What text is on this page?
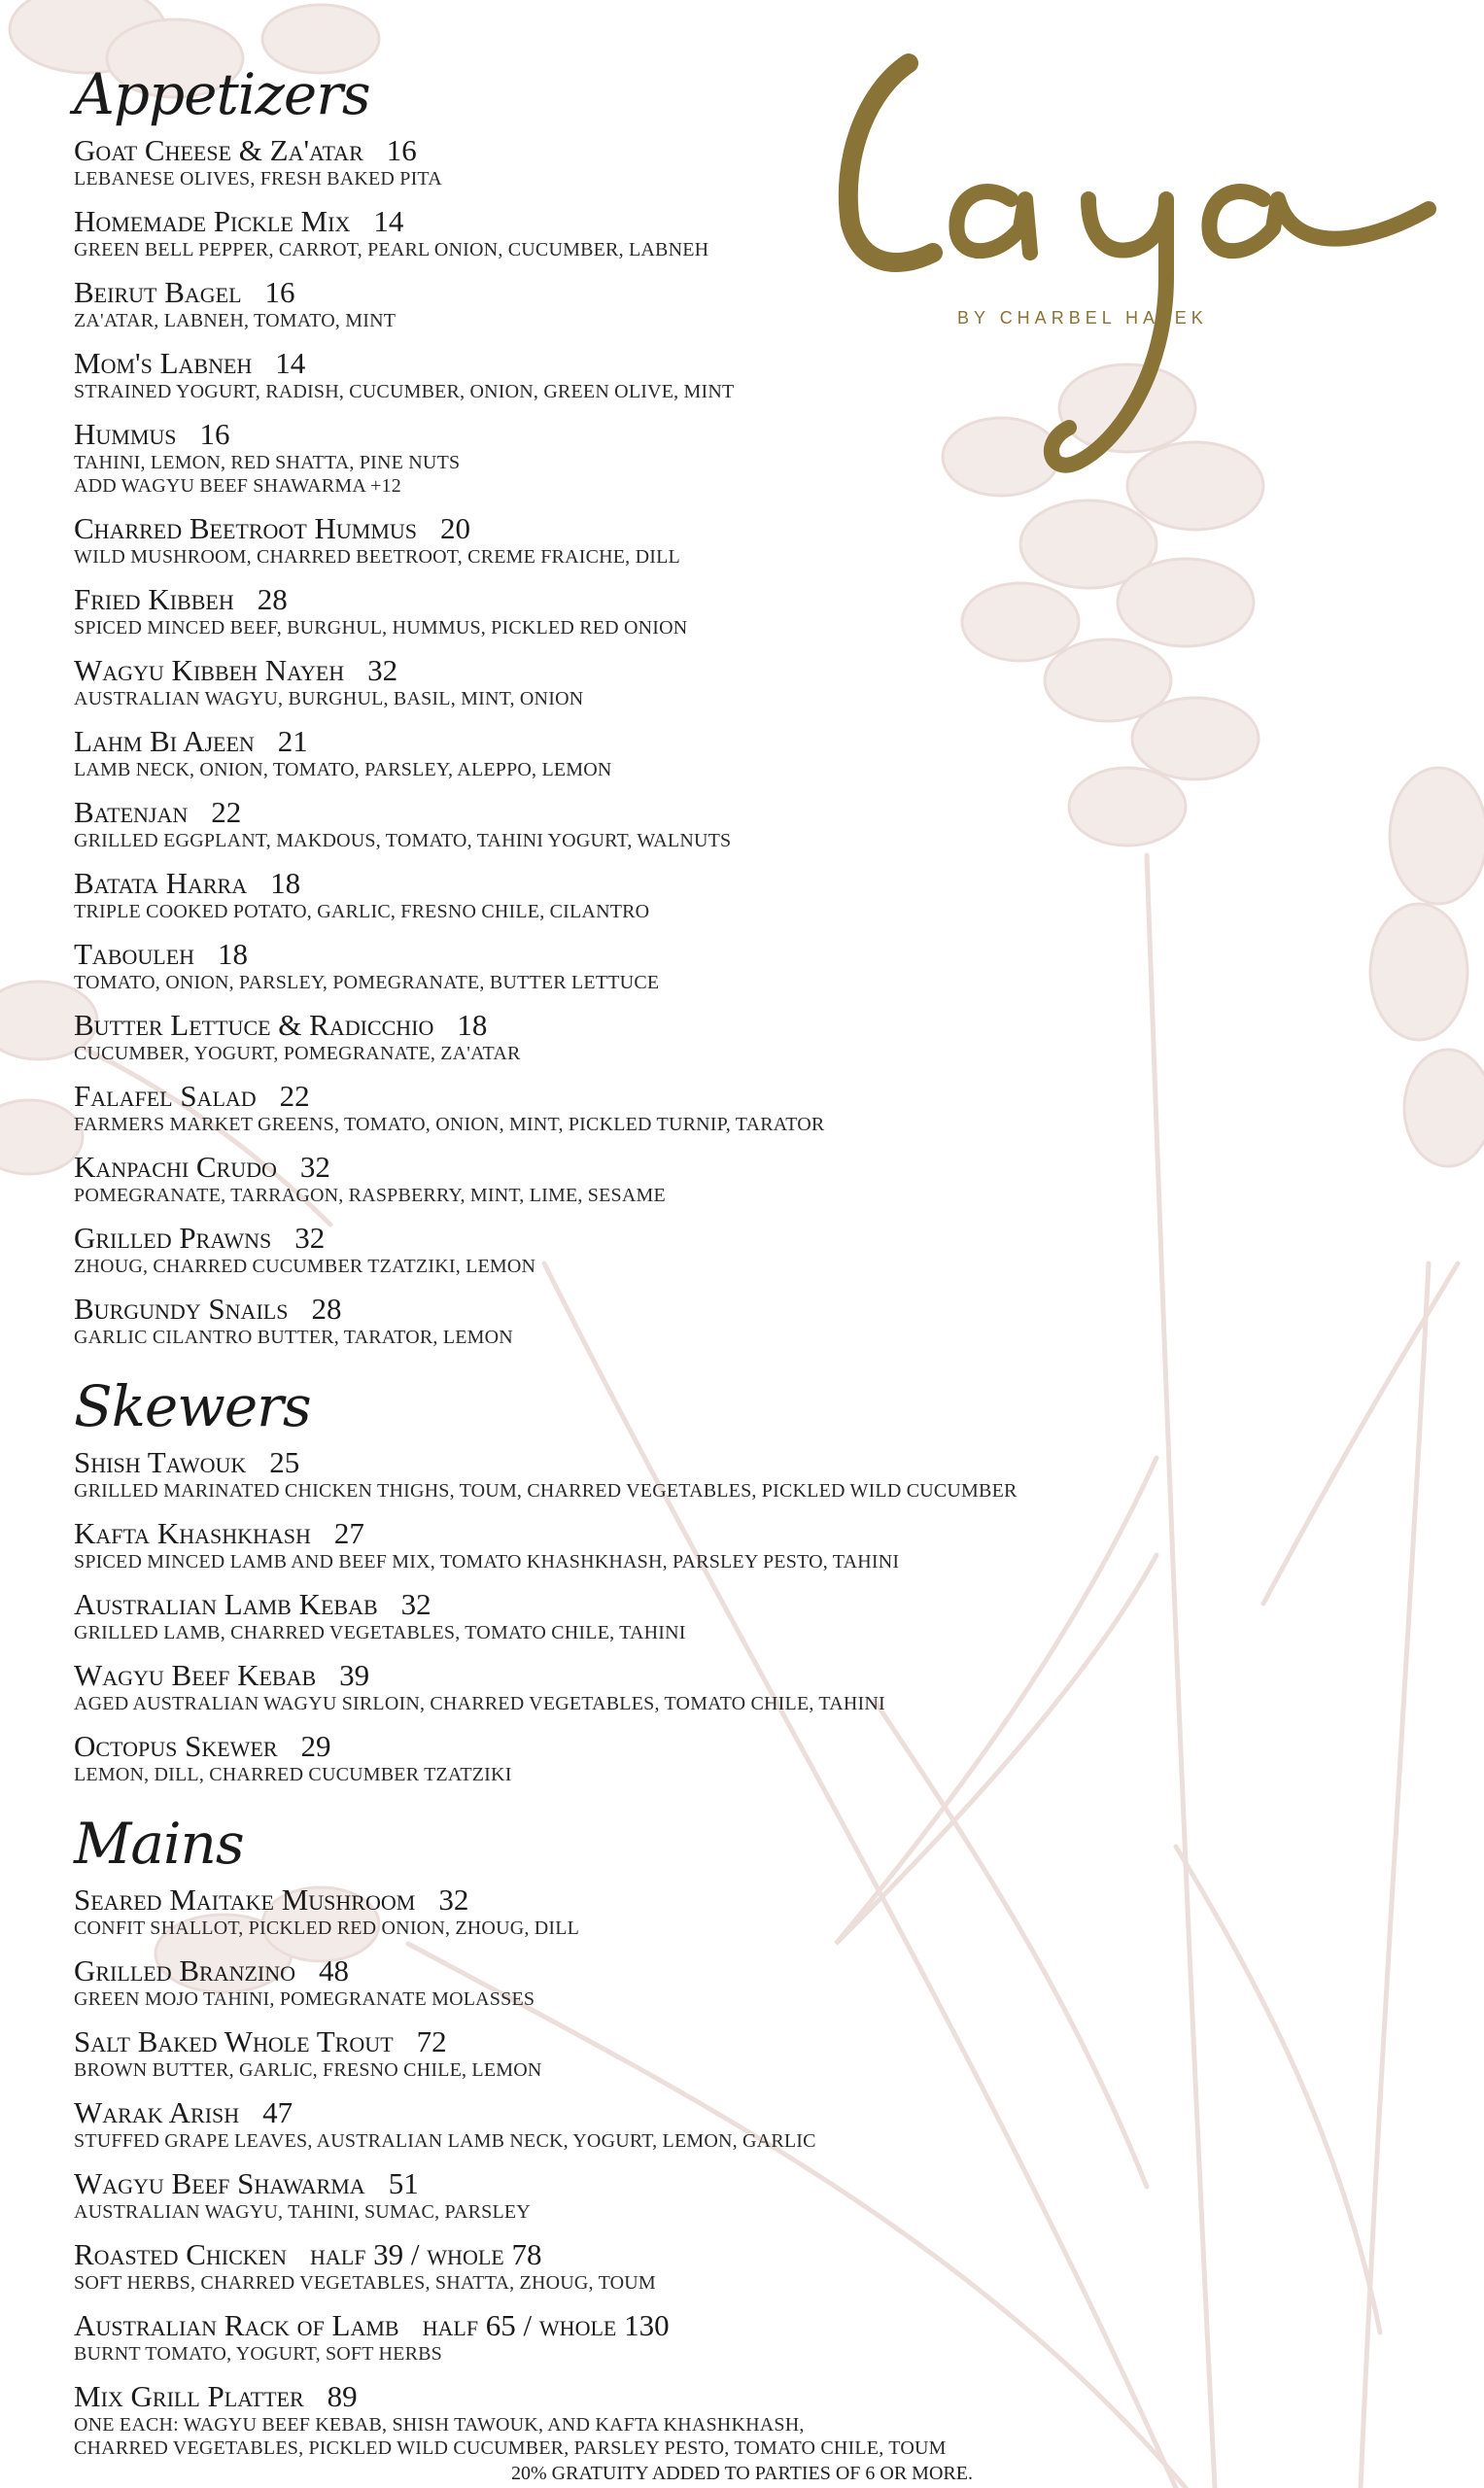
BY CHARBEL HAYEK
Appetizers
Goat Cheese & Za'atar 16
LEBANESE OLIVES, FRESH BAKED PITA
Homemade Pickle Mix 14
GREEN BELL PEPPER, CARROT, PEARL ONION, CUCUMBER, LABNEH
Beirut Bagel 16
ZA'ATAR, LABNEH, TOMATO, MINT
Mom's Labneh 14
STRAINED YOGURT, RADISH, CUCUMBER, ONION, GREEN OLIVE, MINT
Hummus 16
TAHINI, LEMON, RED SHATTA, PINE NUTS
ADD WAGYU BEEF SHAWARMA +12
Charred Beetroot Hummus 20
WILD MUSHROOM, CHARRED BEETROOT, CREME FRAICHE, DILL
Fried Kibbeh 28
SPICED MINCED BEEF, BURGHUL, HUMMUS, PICKLED RED ONION
Wagyu Kibbeh Nayeh 32
AUSTRALIAN WAGYU, BURGHUL, BASIL, MINT, ONION
Lahm Bi Ajeen 21
LAMB NECK, ONION, TOMATO, PARSLEY, ALEPPO, LEMON
Batenjan 22
GRILLED EGGPLANT, MAKDOUS, TOMATO, TAHINI YOGURT, WALNUTS
Batata Harra 18
TRIPLE COOKED POTATO, GARLIC, FRESNO CHILE, CILANTRO
Tabouleh 18
TOMATO, ONION, PARSLEY, POMEGRANATE, BUTTER LETTUCE
Butter Lettuce & Radicchio 18
CUCUMBER, YOGURT, POMEGRANATE, ZA'ATAR
Falafel Salad 22
FARMERS MARKET GREENS, TOMATO, ONION, MINT, PICKLED TURNIP, TARATOR
Kanpachi Crudo 32
POMEGRANATE, TARRAGON, RASPBERRY, MINT, LIME, SESAME
Grilled Prawns 32
ZHOUG, CHARRED CUCUMBER TZATZIKI, LEMON
Burgundy Snails 28
GARLIC CILANTRO BUTTER, TARATOR, LEMON
Skewers
Shish Tawouk 25
GRILLED MARINATED CHICKEN THIGHS, TOUM, CHARRED VEGETABLES, PICKLED WILD CUCUMBER
Kafta Khashkhash 27
SPICED MINCED LAMB AND BEEF MIX, TOMATO KHASHKHASH, PARSLEY PESTO, TAHINI
Australian Lamb Kebab 32
GRILLED LAMB, CHARRED VEGETABLES, TOMATO CHILE, TAHINI
Wagyu Beef Kebab 39
AGED AUSTRALIAN WAGYU SIRLOIN, CHARRED VEGETABLES, TOMATO CHILE, TAHINI
Octopus Skewer 29
LEMON, DILL, CHARRED CUCUMBER TZATZIKI
Mains
Seared Maitake Mushroom 32
CONFIT SHALLOT, PICKLED RED ONION, ZHOUG, DILL
Grilled Branzino 48
GREEN MOJO TAHINI, POMEGRANATE MOLASSES
Salt Baked Whole Trout 72
BROWN BUTTER, GARLIC, FRESNO CHILE, LEMON
Warak Arish 47
STUFFED GRAPE LEAVES, AUSTRALIAN LAMB NECK, YOGURT, LEMON, GARLIC
Wagyu Beef Shawarma 51
AUSTRALIAN WAGYU, TAHINI, SUMAC, PARSLEY
Roasted Chicken half 39 / whole 78
SOFT HERBS, CHARRED VEGETABLES, SHATTA, ZHOUG, TOUM
Australian Rack of Lamb half 65 / whole 130
BURNT TOMATO, YOGURT, SOFT HERBS
Mix Grill Platter 89
ONE EACH: WAGYU BEEF KEBAB, SHISH TAWOUK, AND KAFTA KHASHKHASH,
CHARRED VEGETABLES, PICKLED WILD CUCUMBER, PARSLEY PESTO, TOMATO CHILE, TOUM
20% GRATUITY ADDED TO PARTIES OF 6 OR MORE.
